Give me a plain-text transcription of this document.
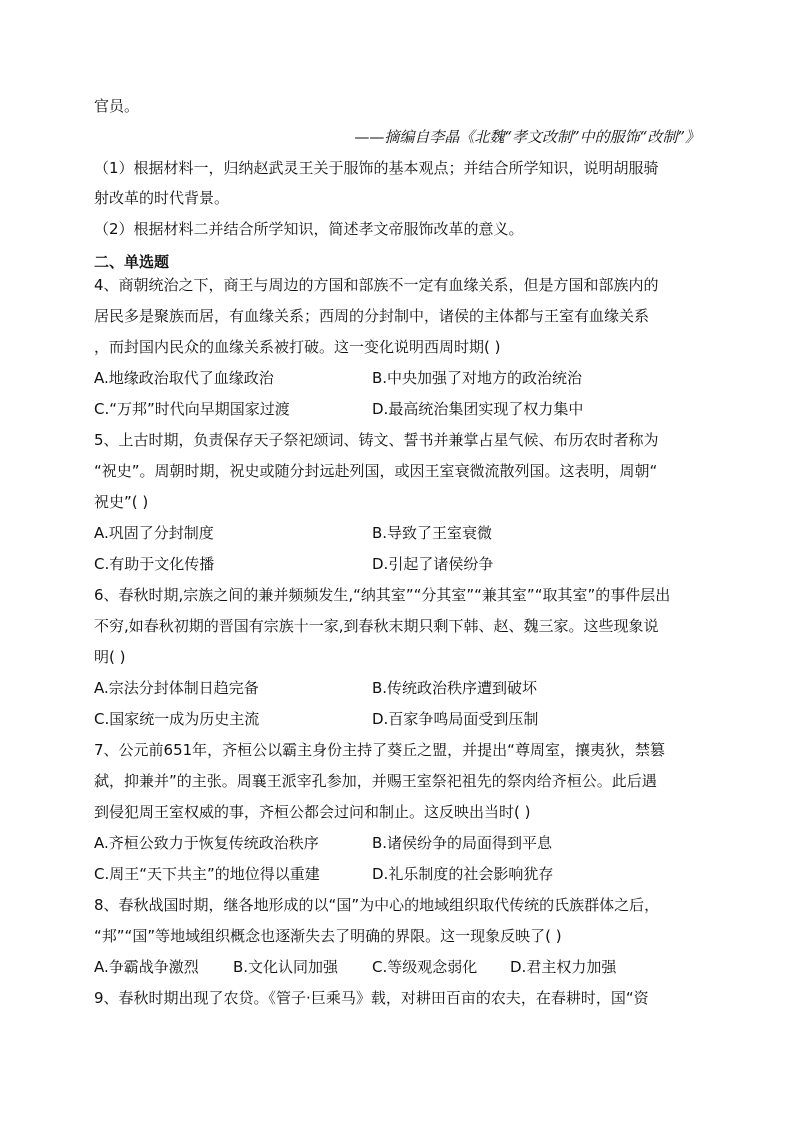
官员。
——摘编自李晶《北魏“孝文改制”中的服饰“改制”》
（1）根据材料一，归纳赵武灵王关于服饰的基本观点；并结合所学知识，说明胡服骑
射改革的时代背景。
（2）根据材料二并结合所学知识，简述孝文帝服饰改革的意义。
二、单选题
4、商朝统治之下，商王与周边的方国和部族不一定有血缘关系，但是方国和部族内的
居民多是聚族而居，有血缘关系；西周的分封制中，诸侯的主体都与王室有血缘关系
，而封国内民众的血缘关系被打破。这一变化说明西周时期( )
A.地缘政治取代了血缘政治	B.中央加强了对地方的政治统治
C.“万邦”时代向早期国家过渡	D.最高统治集团实现了权力集中
5、上古时期，负责保存天子祭祀颂词、铸文、誓书并兼掌占星气候、布历农时者称为
“祝史”。周朝时期，祝史或随分封远赴列国，或因王室衰微流散列国。这表明，周朝“
祝史”( )
A.巩固了分封制度	B.导致了王室衰微
C.有助于文化传播	D.引起了诸侯纷争
6、春秋时期,宗族之间的兼并频频发生,“纳其室”“分其室”“兼其室”“取其室”的事件层出
不穷,如春秋初期的晋国有宗族十一家,到春秋末期只剩下韩、赵、魏三家。这些现象说
明( )
A.宗法分封体制日趋完备	B.传统政治秩序遭到破坏
C.国家统一成为历史主流	D.百家争鸣局面受到压制
7、公元前651年，齐桓公以霸主身份主持了葵丘之盟，并提出“尊周室，攘夷狄，禁篡
弑，抑兼并”的主张。周襄王派宰孔参加，并赐王室祭祀祖先的祭肉给齐桓公。此后遇
到侵犯周王室权威的事，齐桓公都会过问和制止。这反映出当时( )
A.齐桓公致力于恢复传统政治秩序	B.诸侯纷争的局面得到平息
C.周王“天下共主”的地位得以重建	D.礼乐制度的社会影响犹存
8、春秋战国时期，继各地形成的以“国”为中心的地域组织取代传统的氏族群体之后，
“邦”“国”等地域组织概念也逐渐失去了明确的界限。这一现象反映了( )
A.争霸战争激烈 B.文化认同加强 C.等级观念弱化 D.君主权力加强
9、春秋时期出现了农贷。《管子·巨乘马》载，对耕田百亩的农夫，在春耕时，国“资
